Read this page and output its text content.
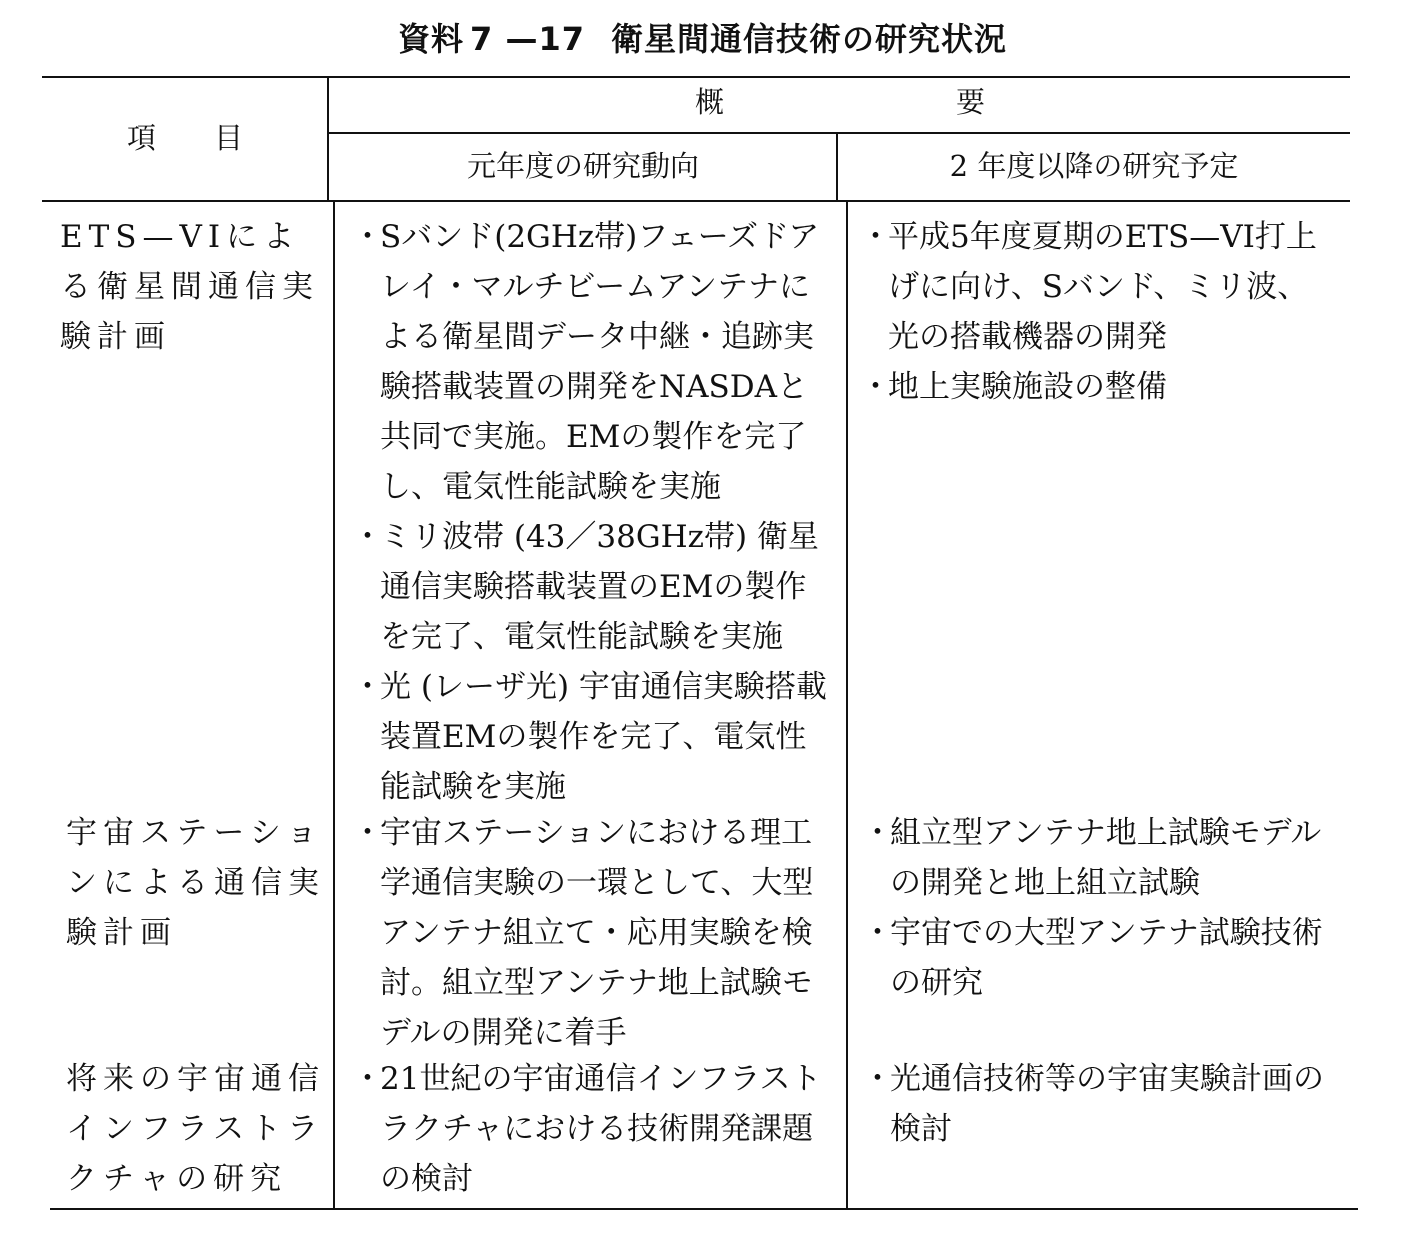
資料 7 —17 衛星間通信技術の研究状況
項　　目
概　　　　　　　　要
元年度の研究動向	2 年度以降の研究予定
ETS—VIによる衛星間通信実験計画
・
Sバンド(2GHz帯)フェーズドアレイ・マルチビームアンテナによる衛星間データ中継・追跡実験搭載装置の開発をNASDAと共同で実施。EMの製作を完了し、電気性能試験を実施
・
ミリ波帯 (43／38GHz帯) 衛星通信実験搭載装置のEMの製作を完了、電気性能試験を実施
・
光 (レーザ光) 宇宙通信実験搭載装置EMの製作を完了、電気性能試験を実施
・
平成5年度夏期のETS—VI打上げに向け、Sバンド、ミリ波、光の搭載機器の開発
・
地上実験施設の整備
宇宙ステーションによる通信実験計画
・
宇宙ステーションにおける理工学通信実験の一環として、大型アンテナ組立て・応用実験を検討。組立型アンテナ地上試験モデルの開発に着手
・
組立型アンテナ地上試験モデルの開発と地上組立試験
・
宇宙での大型アンテナ試験技術の研究
将来の宇宙通信インフラストラクチャの研究
・
21世紀の宇宙通信インフラストラクチャにおける技術開発課題の検討
・
光通信技術等の宇宙実験計画の検討
